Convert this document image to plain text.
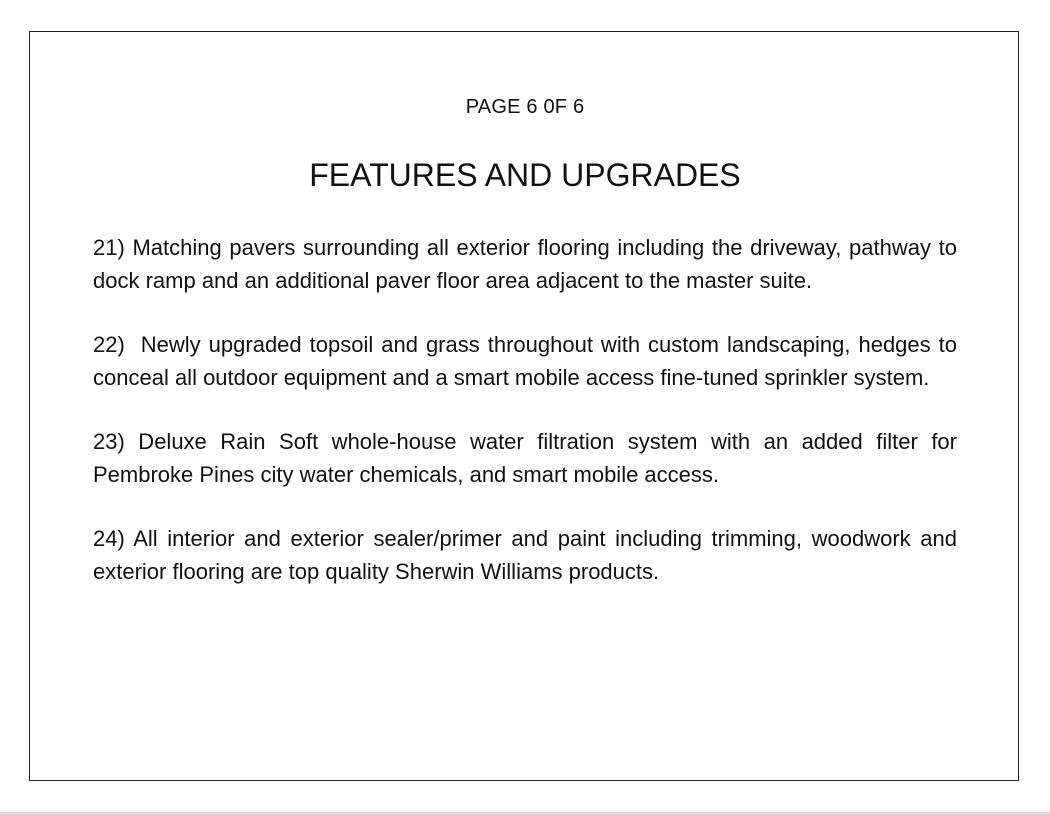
PAGE 6 0F 6
FEATURES AND UPGRADES

21) Matching pavers surrounding all exterior flooring including the driveway, pathway to dock ramp and an additional paver floor area adjacent to the master suite.

22)  Newly upgraded topsoil and grass throughout with custom landscaping, hedges to conceal all outdoor equipment and a smart mobile access fine-tuned sprinkler system.

23) Deluxe Rain Soft whole-house water filtration system with an added filter for Pembroke Pines city water chemicals, and smart mobile access.

24) All interior and exterior sealer/primer and paint including trimming, woodwork and exterior flooring are top quality Sherwin Williams products.
